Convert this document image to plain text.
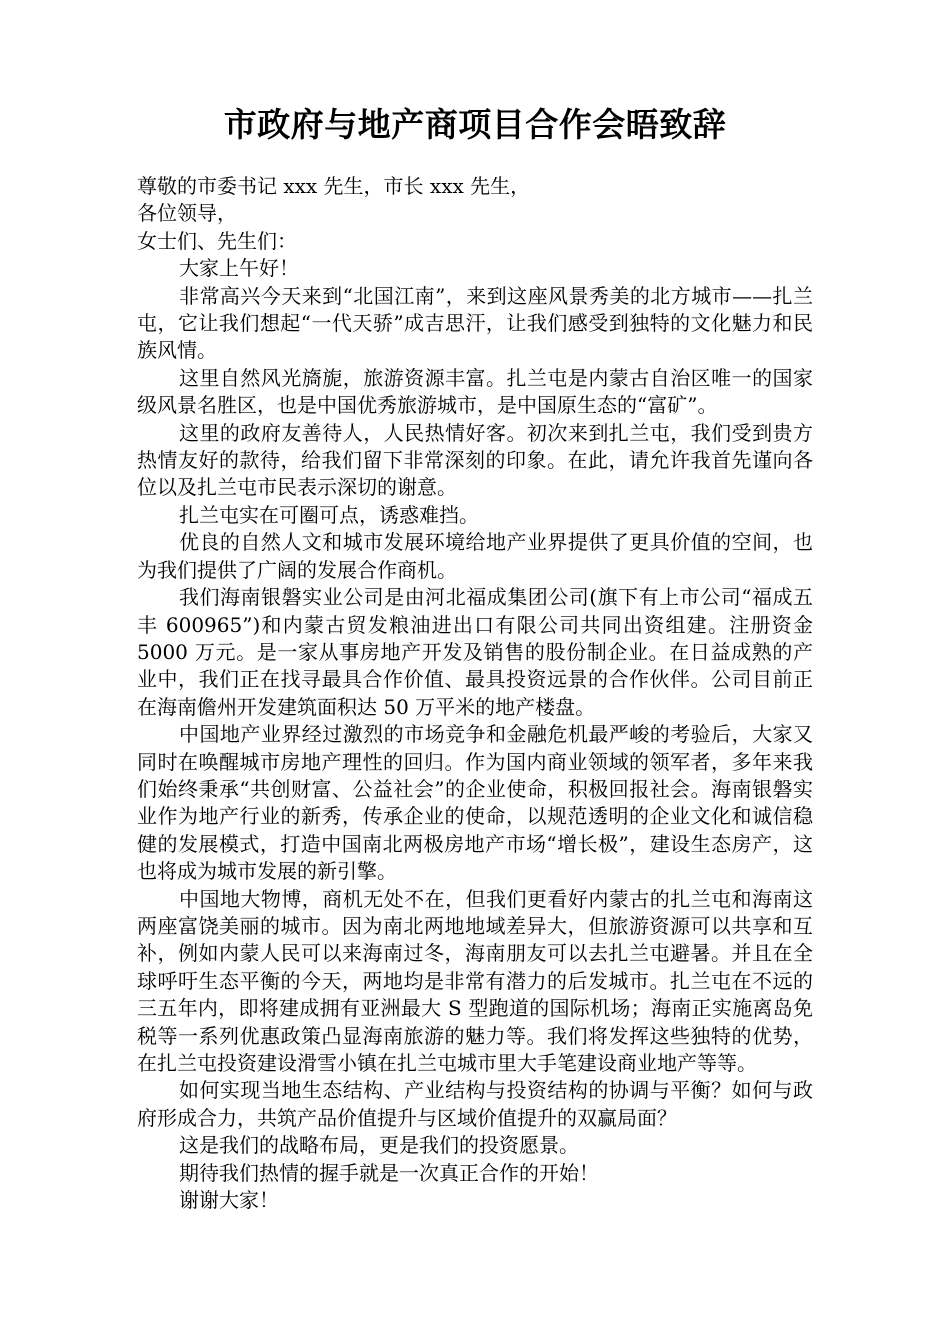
市政府与地产商项目合作会晤致辞

尊敬的市委书记 xxx 先生，市长 xxx 先生，

各位领导，

女士们、先生们：

大家上午好！

非常高兴今天来到“北国江南”，来到这座风景秀美的北方城市——扎兰屯，它让我们想起“一代天骄”成吉思汗，让我们感受到独特的文化魅力和民族风情。

这里自然风光旖旎，旅游资源丰富。扎兰屯是内蒙古自治区唯一的国家级风景名胜区，也是中国优秀旅游城市，是中国原生态的“富矿”。

这里的政府友善待人，人民热情好客。初次来到扎兰屯，我们受到贵方热情友好的款待，给我们留下非常深刻的印象。在此，请允许我首先谨向各位以及扎兰屯市民表示深切的谢意。

扎兰屯实在可圈可点，诱惑难挡。

优良的自然人文和城市发展环境给地产业界提供了更具价值的空间，也为我们提供了广阔的发展合作商机。

我们海南银磐实业公司是由河北福成集团公司(旗下有上市公司“福成五丰 600965”)和内蒙古贸发粮油进出口有限公司共同出资组建。注册资金 5000 万元。是一家从事房地产开发及销售的股份制企业。在日益成熟的产业中，我们正在找寻最具合作价值、最具投资远景的合作伙伴。公司目前正在海南儋州开发建筑面积达 50 万平米的地产楼盘。

中国地产业界经过激烈的市场竞争和金融危机最严峻的考验后，大家又同时在唤醒城市房地产理性的回归。作为国内商业领域的领军者，多年来我们始终秉承“共创财富、公益社会”的企业使命，积极回报社会。海南银磐实业作为地产行业的新秀，传承企业的使命，以规范透明的企业文化和诚信稳健的发展模式，打造中国南北两极房地产市场“增长极”，建设生态房产，这也将成为城市发展的新引擎。

中国地大物博，商机无处不在，但我们更看好内蒙古的扎兰屯和海南这两座富饶美丽的城市。因为南北两地地域差异大，但旅游资源可以共享和互补，例如内蒙人民可以来海南过冬，海南朋友可以去扎兰屯避暑。并且在全球呼吁生态平衡的今天，两地均是非常有潜力的后发城市。扎兰屯在不远的三五年内，即将建成拥有亚洲最大 S 型跑道的国际机场；海南正实施离岛免税等一系列优惠政策凸显海南旅游的魅力等。我们将发挥这些独特的优势，在扎兰屯投资建设滑雪小镇在扎兰屯城市里大手笔建设商业地产等等。

如何实现当地生态结构、产业结构与投资结构的协调与平衡？如何与政府形成合力，共筑产品价值提升与区域价值提升的双赢局面？

这是我们的战略布局，更是我们的投资愿景。

期待我们热情的握手就是一次真正合作的开始！

谢谢大家！
